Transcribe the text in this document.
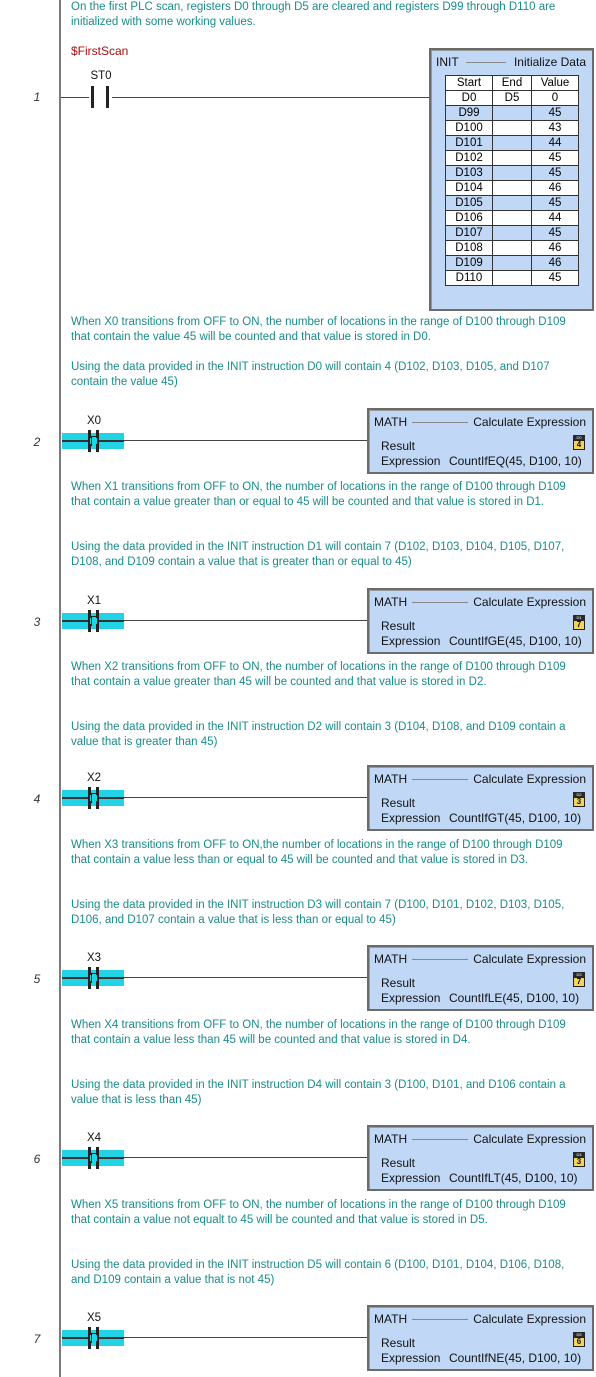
On the first PLC scan, registers D0 through D5 are cleared and registers D99 through D110 are initialized with some working values.

$FirstScan
1
ST0
INIT	Initialize Data
Start	End	Value
D0	D5	0
D99		45
D100		43
D101		44
D102		45
D103		45
D104		46
D105		45
D106		44
D107		45
D108		46
D109		46
D110		45

When X0 transitions from OFF to ON, the number of locations in the range of D100 through D109 that contain the value 45 will be counted and that value is stored in D0.

Using the data provided in the INIT instruction D0 will contain 4 (D102, D103, D105, and D107 contain the value 45)

2
X0	MATH	Calculate Expression
Result
D0
4
Expression CountIfEQ(45, D100, 10)

When X1 transitions from OFF to ON, the number of locations in the range of D100 through D109 that contain a value greater than or equal to 45 will be counted and that value is stored in D1.

Using the data provided in the INIT instruction D1 will contain 7 (D102, D103, D104, D105, D107, D108, and D109 contain a value that is greater than or equal to 45)

3
X1	MATH	Calculate Expression
Result
D1
7
Expression CountIfGE(45, D100, 10)

When X2 transitions from OFF to ON, the number of locations in the range of D100 through D109 that contain a value greater than 45 will be counted and that value is stored in D2.

Using the data provided in the INIT instruction D2 will contain 3 (D104, D108, and D109 contain a value that is greater than 45)

4
X2	MATH	Calculate Expression
Result
D2
3
Expression CountIfGT(45, D100, 10)

When X3 transitions from OFF to ON,the number of locations in the range of D100 through D109 that contain a value less than or equal to 45 will be counted and that value is stored in D3.

Using the data provided in the INIT instruction D3 will contain 7 (D100, D101, D102, D103, D105, D106, and D107 contain a value that is less than or equal to 45)

5
X3	MATH	Calculate Expression
Result
D3
7
Expression CountIfLE(45, D100, 10)

When X4 transitions from OFF to ON, the number of locations in the range of D100 through D109 that contain a value less than 45 will be counted and that value is stored in D4.

Using the data provided in the INIT instruction D4 will contain 3 (D100, D101, and D106 contain a value that is less than 45)

6
X4	MATH	Calculate Expression
Result
D4
3
Expression CountIfLT(45, D100, 10)

When X5 transitions from OFF to ON, the number of locations in the range of D100 through D109 that contain a value not equalt to 45 will be counted and that value is stored in D5.

Using the data provided in the INIT instruction D5 will contain 6 (D100, D101, D104, D106, D108, and D109 contain a value that is not 45)

7
X5	MATH	Calculate Expression
Result
D5
6
Expression CountIfNE(45, D100, 10)
